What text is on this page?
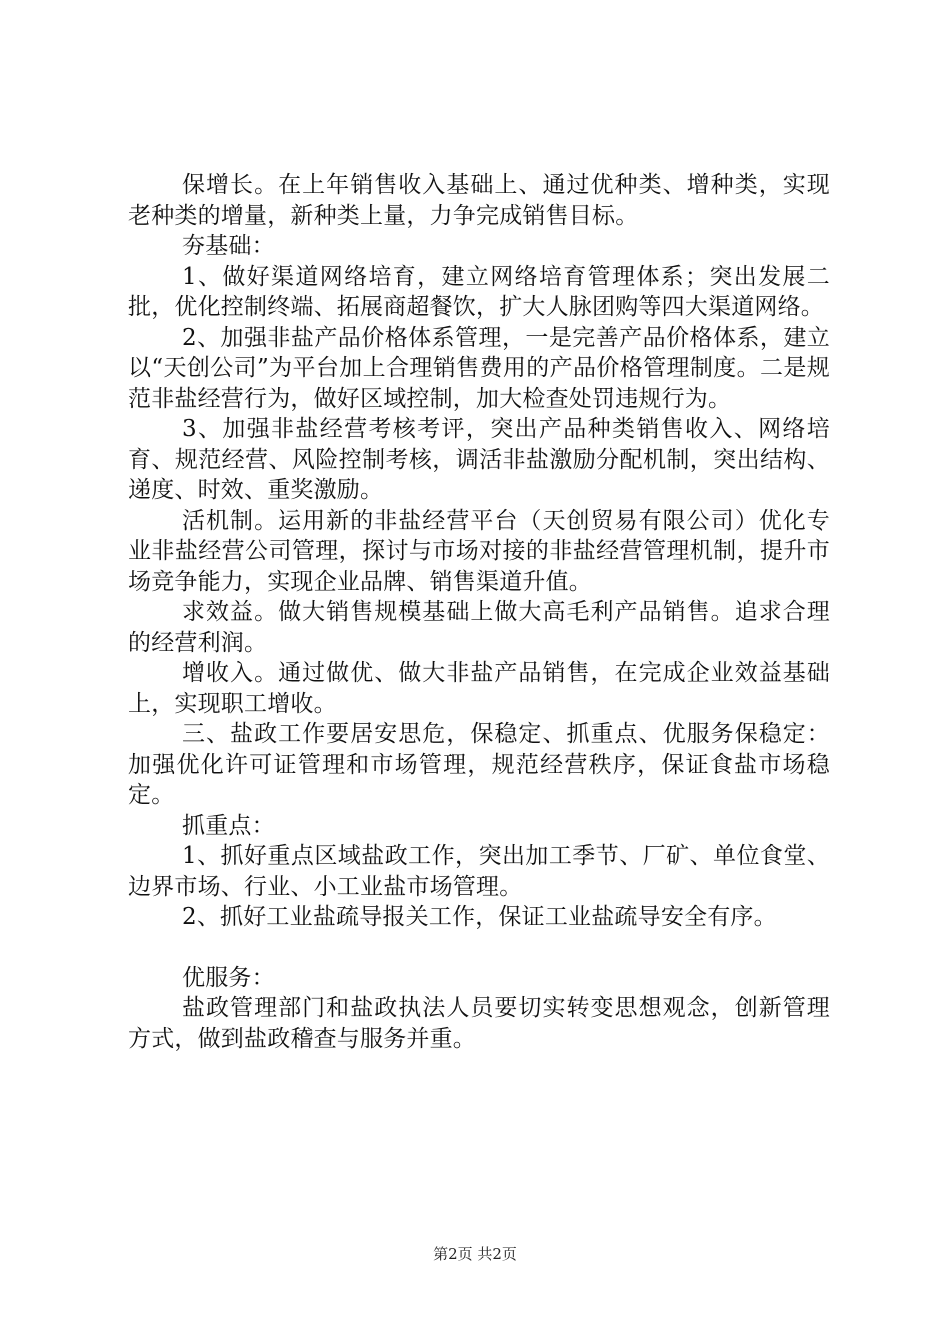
保增长。在上年销售收入基础上、通过优种类、增种类，实现老种类的增量，新种类上量，力争完成销售目标。

夯基础：

1、做好渠道网络培育，建立网络培育管理体系；突出发展二批，优化控制终端、拓展商超餐饮，扩大人脉团购等四大渠道网络。

2、加强非盐产品价格体系管理，一是完善产品价格体系，建立以“天创公司”为平台加上合理销售费用的产品价格管理制度。二是规范非盐经营行为，做好区域控制，加大检查处罚违规行为。

3、加强非盐经营考核考评，突出产品种类销售收入、网络培育、规范经营、风险控制考核，调活非盐激励分配机制，突出结构、递度、时效、重奖激励。

活机制。运用新的非盐经营平台（天创贸易有限公司）优化专业非盐经营公司管理，探讨与市场对接的非盐经营管理机制，提升市场竞争能力，实现企业品牌、销售渠道升值。

求效益。做大销售规模基础上做大高毛利产品销售。追求合理的经营利润。

增收入。通过做优、做大非盐产品销售，在完成企业效益基础上，实现职工增收。

三、盐政工作要居安思危，保稳定、抓重点、优服务保稳定：加强优化许可证管理和市场管理，规范经营秩序，保证食盐市场稳定。

抓重点：

1、抓好重点区域盐政工作，突出加工季节、厂矿、单位食堂、边界市场、行业、小工业盐市场管理。

2、抓好工业盐疏导报关工作，保证工业盐疏导安全有序。

优服务：

盐政管理部门和盐政执法人员要切实转变思想观念，创新管理方式，做到盐政稽查与服务并重。

第2页 共2页
